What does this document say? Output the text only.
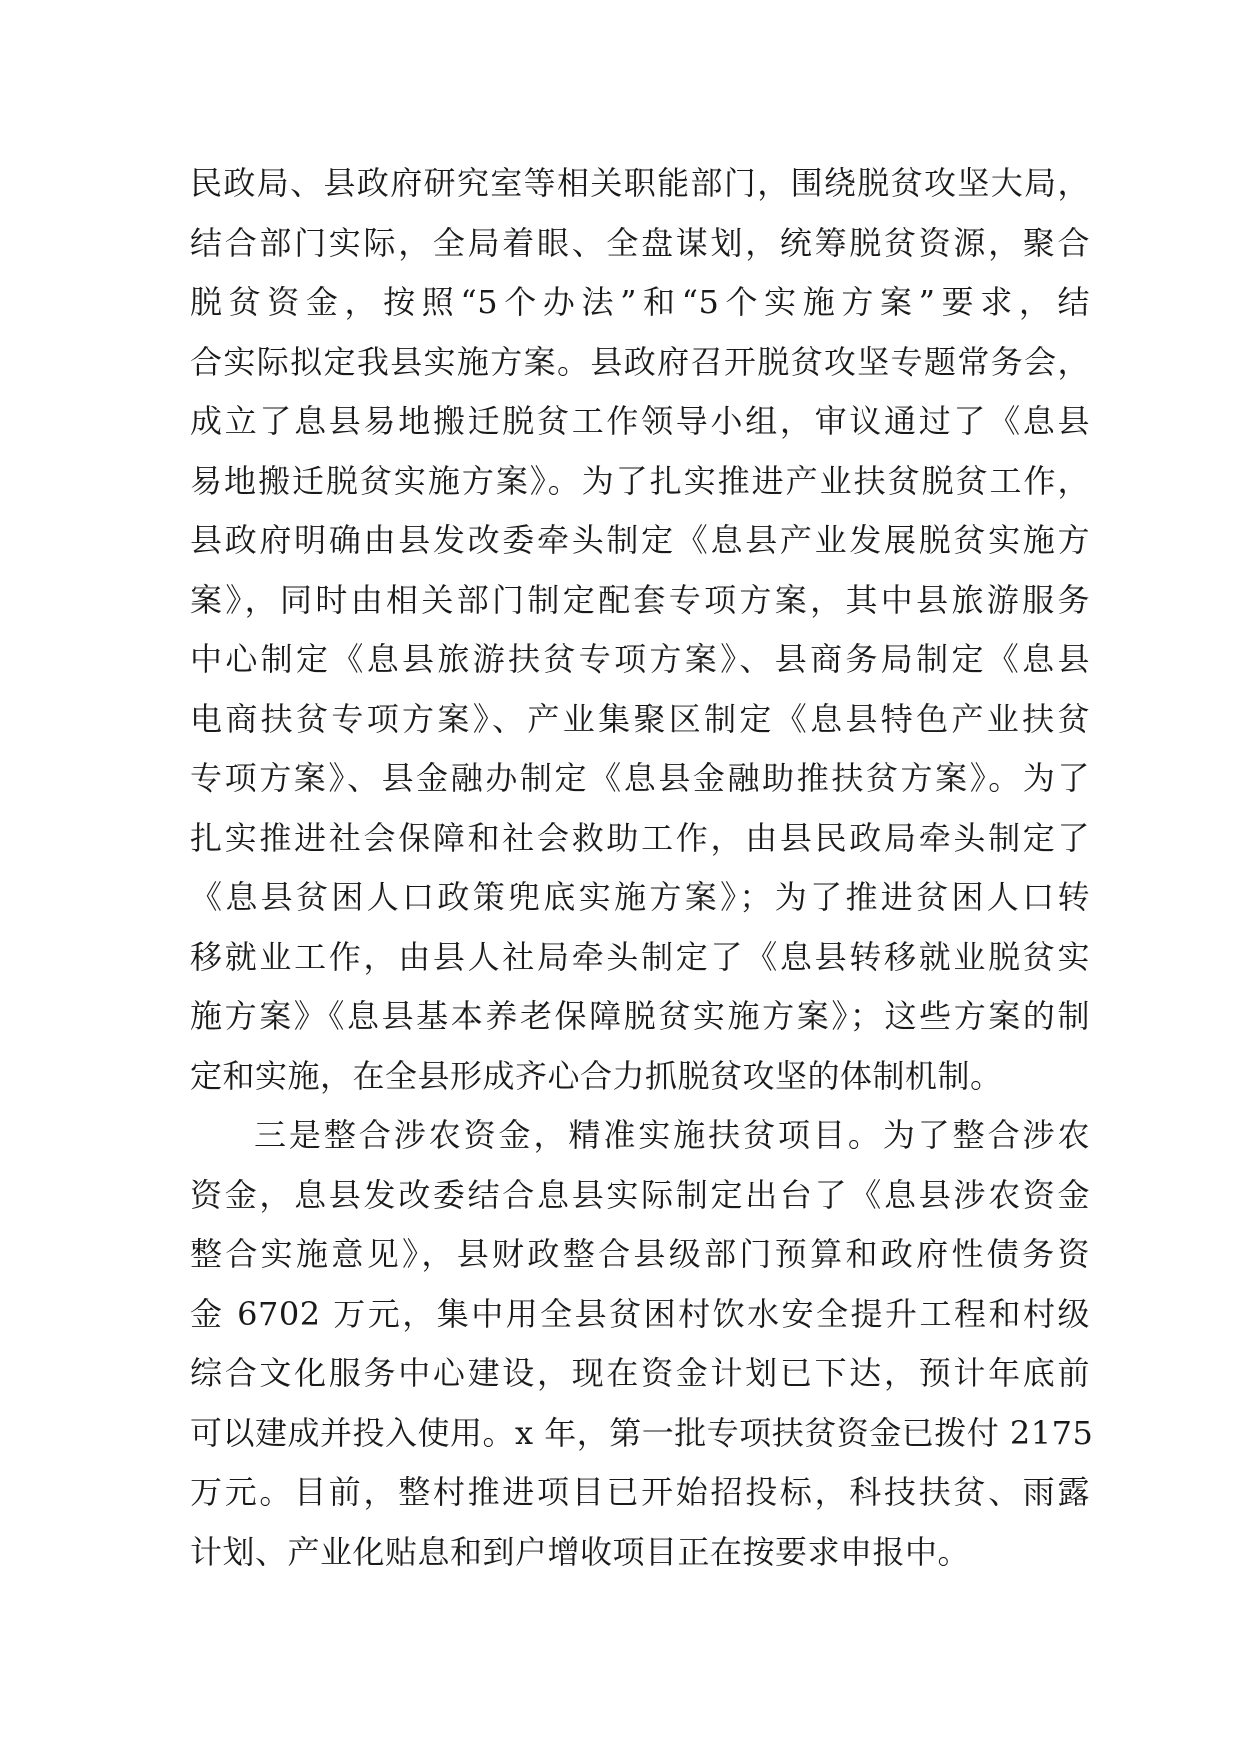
民政局、县政府研究室等相关职能部门，围绕脱贫攻坚大局，
结合部门实际，全局着眼、全盘谋划，统筹脱贫资源，聚合
脱贫资金，按照“5个办法”和“5个实施方案”要求，结
合实际拟定我县实施方案。县政府召开脱贫攻坚专题常务会，
成立了息县易地搬迁脱贫工作领导小组，审议通过了《息县
易地搬迁脱贫实施方案》。为了扎实推进产业扶贫脱贫工作，
县政府明确由县发改委牵头制定《息县产业发展脱贫实施方
案》，同时由相关部门制定配套专项方案，其中县旅游服务
中心制定《息县旅游扶贫专项方案》、县商务局制定《息县
电商扶贫专项方案》、产业集聚区制定《息县特色产业扶贫
专项方案》、县金融办制定《息县金融助推扶贫方案》。为了
扎实推进社会保障和社会救助工作，由县民政局牵头制定了
《息县贫困人口政策兜底实施方案》；为了推进贫困人口转
移就业工作，由县人社局牵头制定了《息县转移就业脱贫实
施方案》《息县基本养老保障脱贫实施方案》；这些方案的制
定和实施，在全县形成齐心合力抓脱贫攻坚的体制机制。
三是整合涉农资金，精准实施扶贫项目。为了整合涉农
资金，息县发改委结合息县实际制定出台了《息县涉农资金
整合实施意见》，县财政整合县级部门预算和政府性债务资
金 6702 万元，集中用全县贫困村饮水安全提升工程和村级
综合文化服务中心建设，现在资金计划已下达，预计年底前
可以建成并投入使用。x 年，第一批专项扶贫资金已拨付 2175
万元。目前，整村推进项目已开始招投标，科技扶贫、雨露
计划、产业化贴息和到户增收项目正在按要求申报中。
